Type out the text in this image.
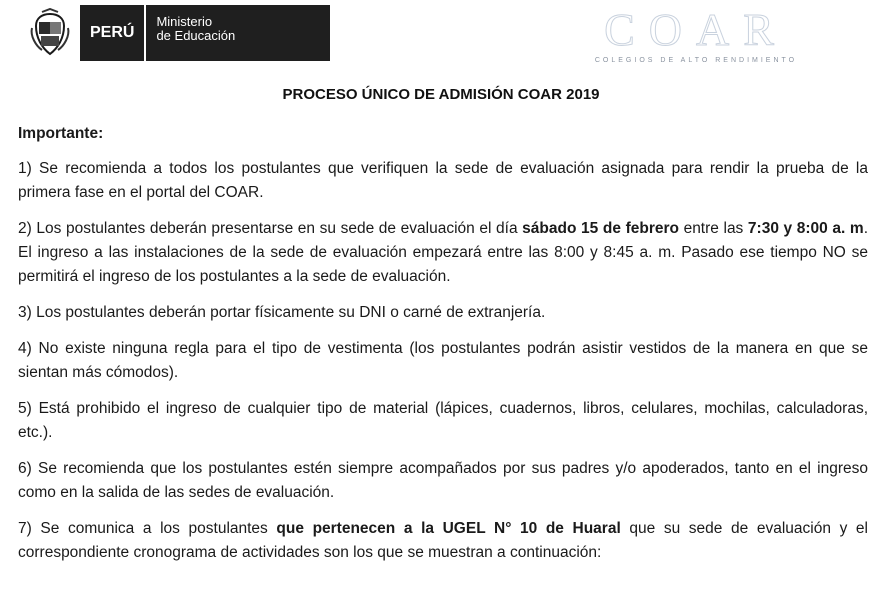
PERÚ
Ministerio
de Educación	COAR
COLEGIOS DE ALTO RENDIMIENTO
PROCESO ÚNICO DE ADMISIÓN COAR 2019

Importante:

1) Se recomienda a todos los postulantes que verifiquen la sede de evaluación asignada para rendir la prueba de la primera fase en el portal del COAR.

2) Los postulantes deberán presentarse en su sede de evaluación el día sábado 15 de febrero entre las 7:30 y 8:00 a. m. El ingreso a las instalaciones de la sede de evaluación empezará entre las 8:00 y 8:45 a. m. Pasado ese tiempo NO se permitirá el ingreso de los postulantes a la sede de evaluación.

3) Los postulantes deberán portar físicamente su DNI o carné de extranjería.

4) No existe ninguna regla para el tipo de vestimenta (los postulantes podrán asistir vestidos de la manera en que se sientan más cómodos).

5) Está prohibido el ingreso de cualquier tipo de material (lápices, cuadernos, libros, celulares, mochilas, calculadoras, etc.).

6) Se recomienda que los postulantes estén siempre acompañados por sus padres y/o apoderados, tanto en el ingreso como en la salida de las sedes de evaluación.

7) Se comunica a los postulantes que pertenecen a la UGEL N° 10 de Huaral que su sede de evaluación y el correspondiente cronograma de actividades son los que se muestran a continuación:
